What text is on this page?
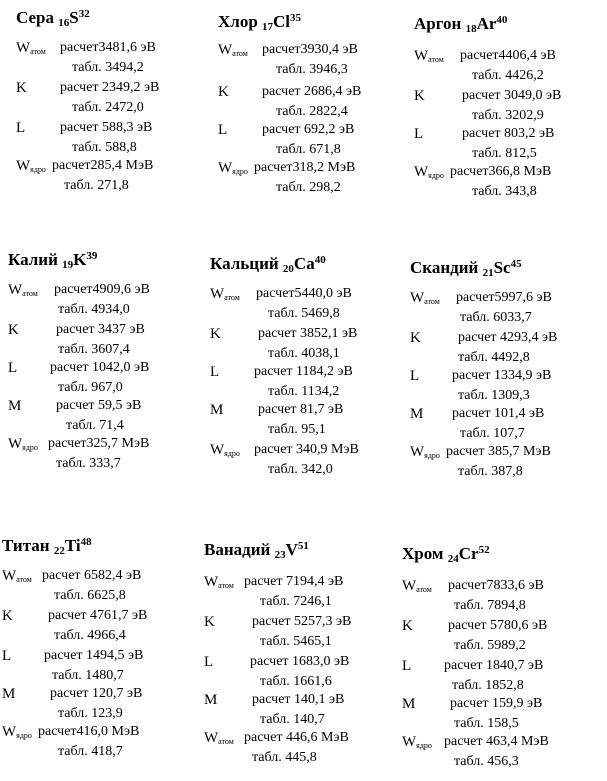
Сера $_{16}S^{32}$
$W_{атом}$ расчет3481,6 эВ
табл. 3494,2
K расчет 2349,2 эВ
табл. 2472,0
L расчет 588,3 эВ
табл. 588,8
$W_{ядро}$ расчет285,4 МэВ
табл. 271,8
Хлор $_{17}Cl^{35}$
$W_{атом}$ расчет3930,4 эВ
табл. 3946,3
K расчет 2686,4 эВ
табл. 2822,4
L расчет 692,2 эВ
табл. 671,8
$W_{ядро}$ расчет318,2 МэВ
табл. 298,2
Аргон $_{18}Ar^{40}$
$W_{атом}$ расчет4406,4 эВ
табл. 4426,2
K	расчет 3049,0 эВ
табл. 3202,9
L	расчет 803,2 эВ
табл. 812,5
$W_{ядро}$ расчет366,8 МэВ
табл. 343,8
Калий $_{19}K^{39}$
$W_{атом}$ расчет4909,6 эВ
табл. 4934,0
K	расчет 3437 эВ
табл. 3607,4
L расчет 1042,0 эВ
табл. 967,0
M расчет 59,5 эВ
табл. 71,4
$W_{ядро}$ расчет325,7 МэВ
табл. 333,7
Кальций $_{20}Ca^{40}$
$W_{атом}$ расчет5440,0 эВ
табл. 5469,8
K	расчет 3852,1 эВ
табл. 4038,1
L расчет 1184,2 эВ
табл. 1134,2
M расчет 81,7 эВ
табл. 95,1
$W_{ядро}$ расчет 340,9 МэВ
табл. 342,0
Скандий $_{21}Sc^{45}$
$W_{атом}$ расчет5997,6 эВ
табл. 6033,7
K	расчет 4293,4 эВ
табл. 4492,8
L расчет 1334,9 эВ
табл. 1309,3
M расчет 101,4 эВ
табл. 107,7
$W_{ядро}$ расчет 385,7 МэВ
табл. 387,8
Титан $_{22}Ti^{48}$
$W_{атом}$ расчет 6582,4 эВ
табл. 6625,8
K	расчет 4761,7 эВ
табл. 4966,4
L расчет 1494,5 эВ
табл. 1480,7
M расчет 120,7 эВ
табл. 123,9
$W_{ядро}$ расчет416,0 МэВ
табл. 418,7
Ванадий $_{23}V^{51}$
$W_{атом}$ расчет 7194,4 эВ
табл. 7246,1
K	расчет 5257,3 эВ
табл. 5465,1
L	расчет 1683,0 эВ
табл. 1661,6
M расчет 140,1 эВ
табл. 140,7
$W_{атом}$ расчет 446,6 МэВ
табл. 445,8
Хром $_{24}Cr^{52}$
$W_{атом}$ расчет7833,6 эВ
табл. 7894,8
K	расчет 5780,6 эВ
табл. 5989,2
L расчет 1840,7 эВ
табл. 1852,8
M расчет 159,9 эВ
табл. 158,5
$W_{ядро}$ расчет 463,4 МэВ
табл. 456,3
